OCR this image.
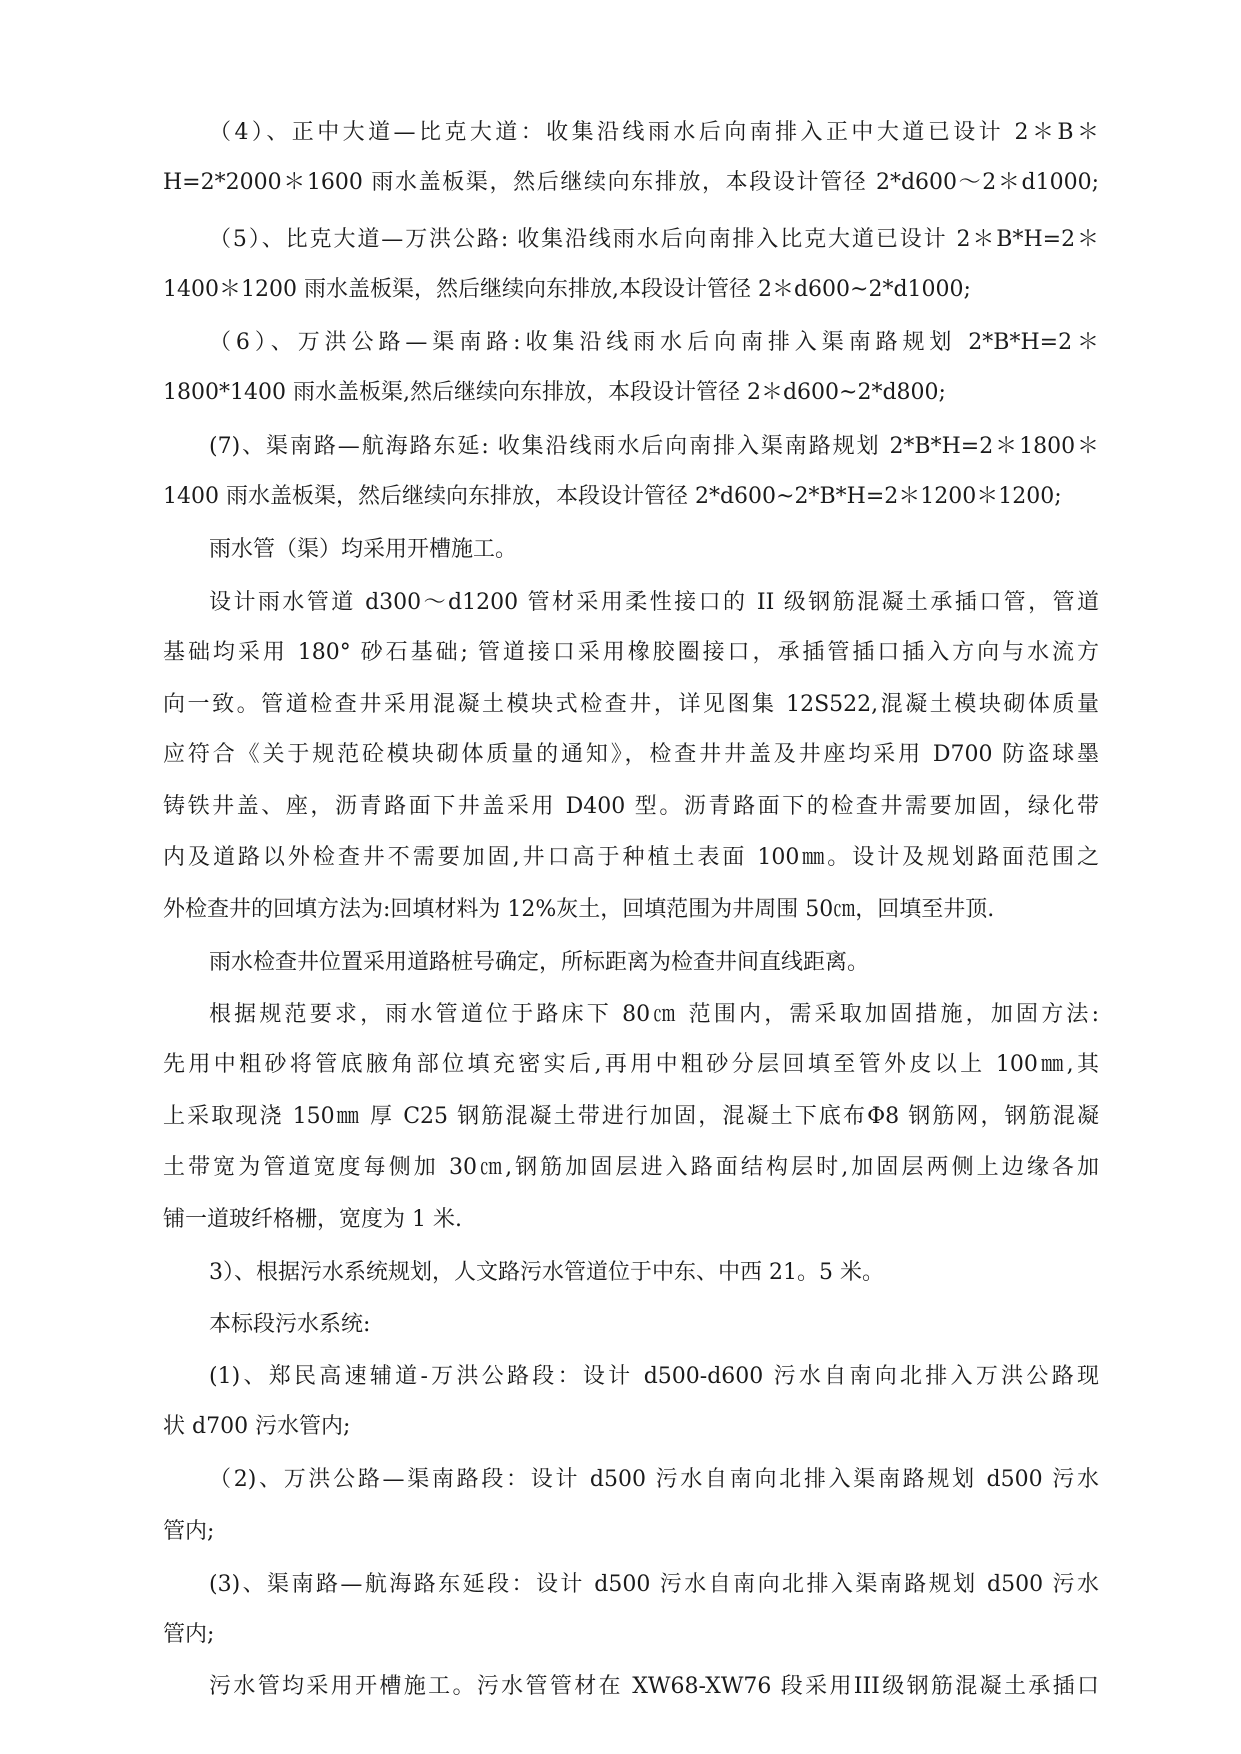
（4）、正中大道—比克大道：收集沿线雨水后向南排入正中大道已设计 2＊B＊

H=2*2000＊1600 雨水盖板渠，然后继续向东排放，本段设计管径 2*d600～2＊d1000;

（5）、比克大道—万洪公路: 收集沿线雨水后向南排入比克大道已设计 2＊B*H=2＊

1400＊1200 雨水盖板渠，然后继续向东排放,本段设计管径 2＊d600~2*d1000;

（6）、万洪公路—渠南路:收集沿线雨水后向南排入渠南路规划 2*B*H=2＊

1800*1400 雨水盖板渠,然后继续向东排放，本段设计管径 2＊d600~2*d800;

(7)、渠南路—航海路东延: 收集沿线雨水后向南排入渠南路规划 2*B*H=2＊1800＊

1400 雨水盖板渠，然后继续向东排放，本段设计管径 2*d600~2*B*H=2＊1200＊1200;

雨水管（渠）均采用开槽施工。

设计雨水管道 d300～d1200 管材采用柔性接口的 II 级钢筋混凝土承插口管，管道

基础均采用 180° 砂石基础; 管道接口采用橡胶圈接口，承插管插口插入方向与水流方

向一致。管道检查井采用混凝土模块式检查井，详见图集 12S522,混凝土模块砌体质量

应符合《关于规范砼模块砌体质量的通知》，检查井井盖及井座均采用 D700 防盗球墨

铸铁井盖、座，沥青路面下井盖采用 D400 型。沥青路面下的检查井需要加固，绿化带

内及道路以外检查井不需要加固,井口高于种植土表面 100㎜。设计及规划路面范围之

外检查井的回填方法为:回填材料为 12%灰土，回填范围为井周围 50㎝，回填至井顶.

雨水检查井位置采用道路桩号确定，所标距离为检查井间直线距离。

根据规范要求，雨水管道位于路床下 80㎝ 范围内，需采取加固措施，加固方法:

先用中粗砂将管底腋角部位填充密实后,再用中粗砂分层回填至管外皮以上 100㎜,其

上采取现浇 150㎜ 厚 C25 钢筋混凝土带进行加固，混凝土下底布Φ8 钢筋网，钢筋混凝

土带宽为管道宽度每侧加 30㎝,钢筋加固层进入路面结构层时,加固层两侧上边缘各加

铺一道玻纤格栅，宽度为 1 米.

3）、根据污水系统规划，人文路污水管道位于中东、中西 21。5 米。

本标段污水系统:

(1)、郑民高速辅道-万洪公路段：设计 d500-d600 污水自南向北排入万洪公路现

状 d700 污水管内;

（2)、万洪公路—渠南路段：设计 d500 污水自南向北排入渠南路规划 d500 污水

管内;

(3)、渠南路—航海路东延段：设计 d500 污水自南向北排入渠南路规划 d500 污水

管内;

污水管均采用开槽施工。污水管管材在 XW68-XW76 段采用III级钢筋混凝土承插口
